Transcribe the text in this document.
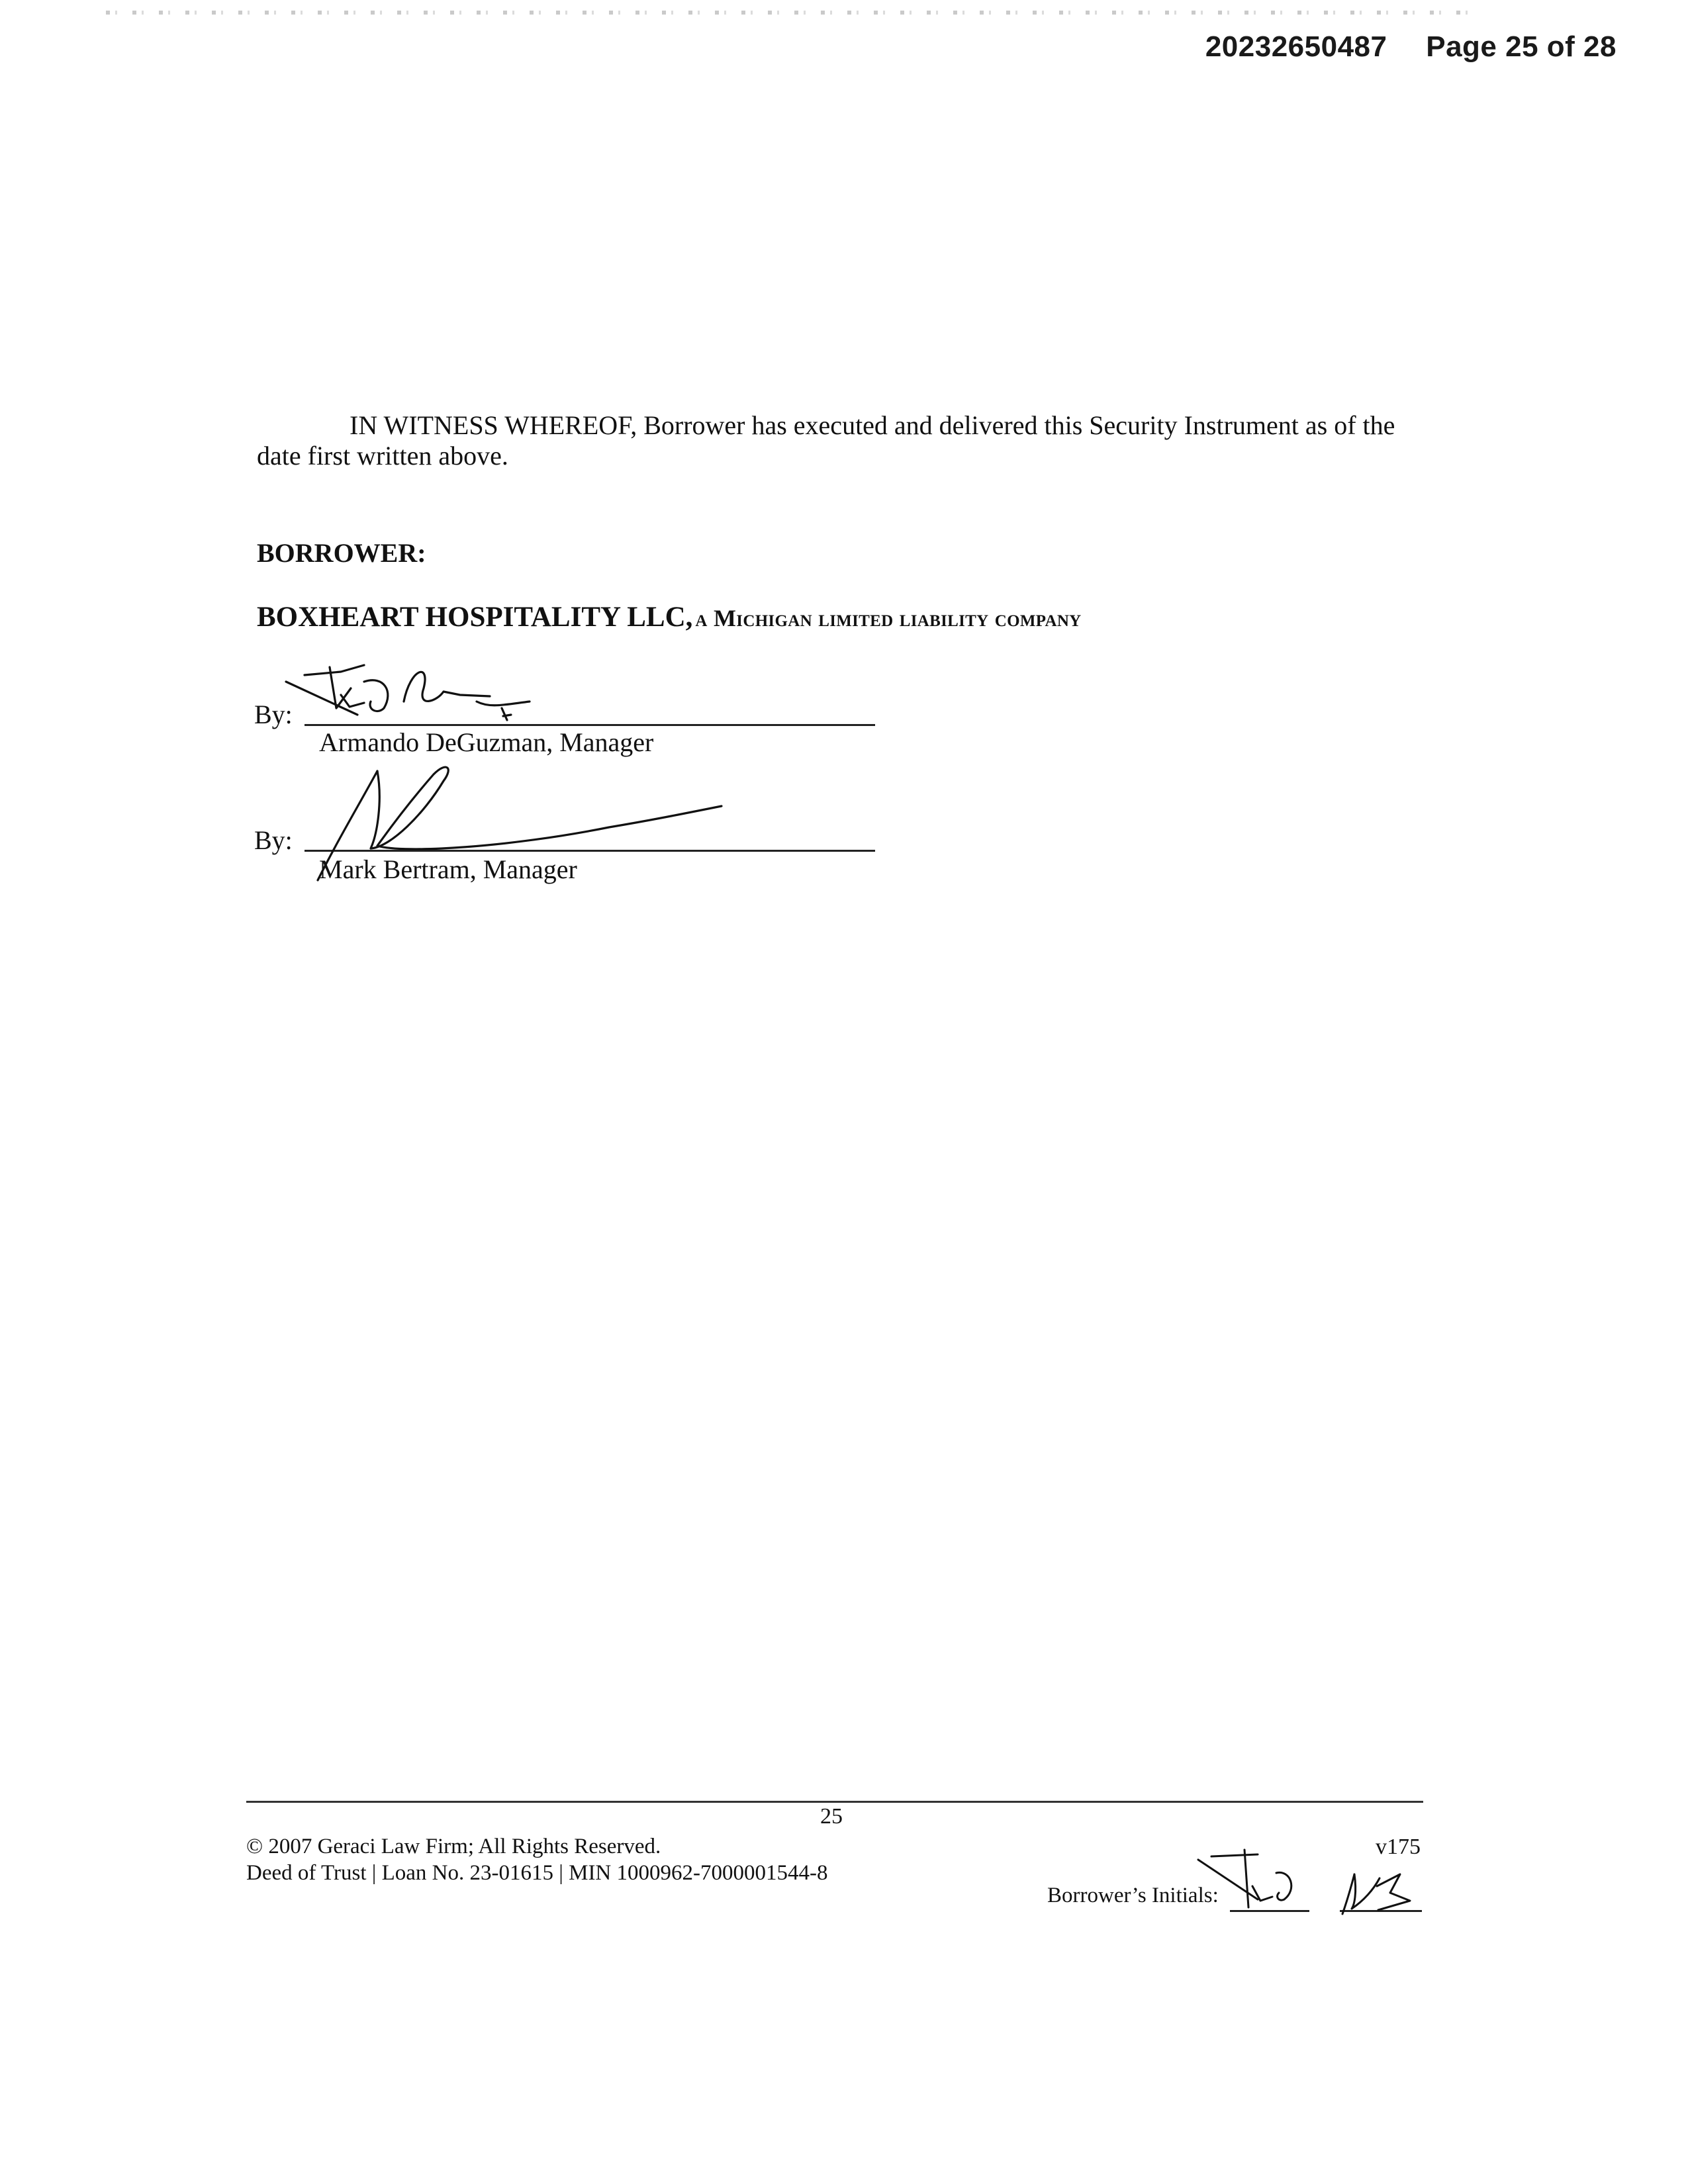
20232650487 Page 25 of 28
IN WITNESS WHEREOF, Borrower has executed and delivered this Security Instrument as of the date first written above.
BORROWER:
BOXHEART HOSPITALITY LLC, a Michigan limited liability company
By:
Armando DeGuzman, Manager
By:
Mark Bertram, Manager
25
© 2007 Geraci Law Firm; All Rights Reserved.
Deed of Trust | Loan No. 23-01615 | MIN 1000962-7000001544-8
v175
Borrower’s Initials:
